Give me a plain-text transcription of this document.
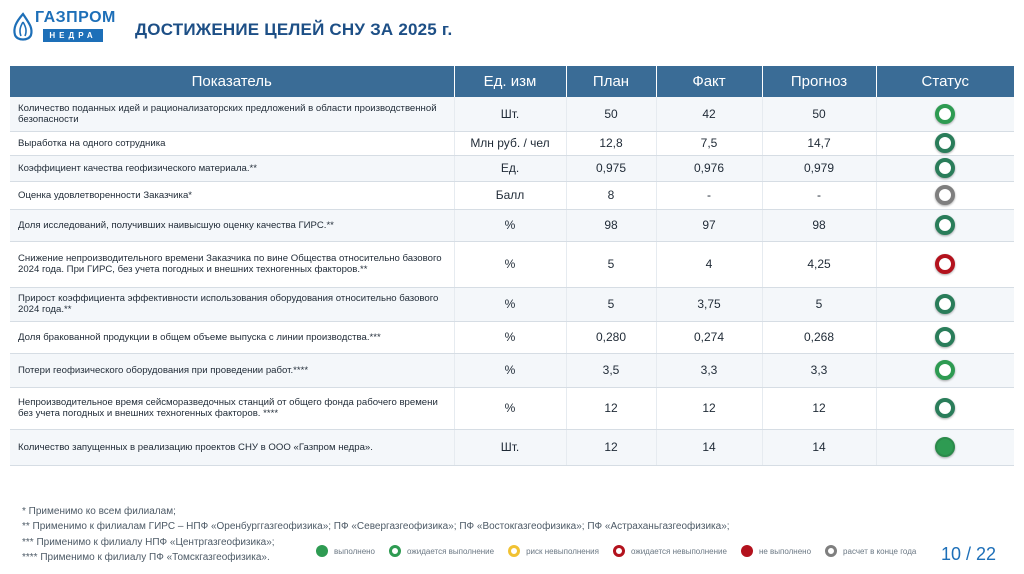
ГАЗПРОМ
НЕДРА	ДОСТИЖЕНИЕ ЦЕЛЕЙ СНУ ЗА 2025 г.
Показатель	Ед. изм	План	Факт	Прогноз	Статус
Количество поданных идей и рационализаторских предложений в области производственной безопасности	Шт.	50	42	50	
Выработка на одного сотрудника	Млн руб. / чел	12,8	7,5	14,7	
Коэффициент качества геофизического материала.**	Ед.	0,975	0,976	0,979	
Оценка удовлетворенности Заказчика*	Балл	8	-	-	
Доля исследований, получивших наивысшую оценку качества ГИРС.**	%	98	97	98	
Снижение непроизводительного времени Заказчика по вине Общества относительно базового 2024 года. При ГИРС, без учета погодных и внешних техногенных факторов.**	%	5	4	4,25	
Прирост коэффициента эффективности использования оборудования относительно базового 2024 года.**	%	5	3,75	5	
Доля бракованной продукции в общем объеме выпуска с линии производства.***	%	0,280	0,274	0,268	
Потери геофизического оборудования при проведении работ.****	%	3,5	3,3	3,3	
Непроизводительное время сейсморазведочных станций от общего фонда рабочего времени без учета погодных и внешних техногенных факторов. ****	%	12	12	12	
Количество запущенных в реализацию проектов СНУ в ООО «Газпром недра».	Шт.	12	14	14	
* Применимо ко всем филиалам;
** Применимо к филиалам ГИРС – НПФ «Оренбурггазгеофизика»; ПФ «Севергазгеофизика»; ПФ «Востокгазгеофизика»; ПФ «Астраханьгазгеофизика»;
*** Применимо к филиалу НПФ «Центргазгеофизика»;
**** Применимо к филиалу ПФ «Томскгазгеофизика».
выполнено	ожидается выполнение	риск невыполнения	ожидается невыполнение	не выполнено	расчет в конце года 10 / 22
